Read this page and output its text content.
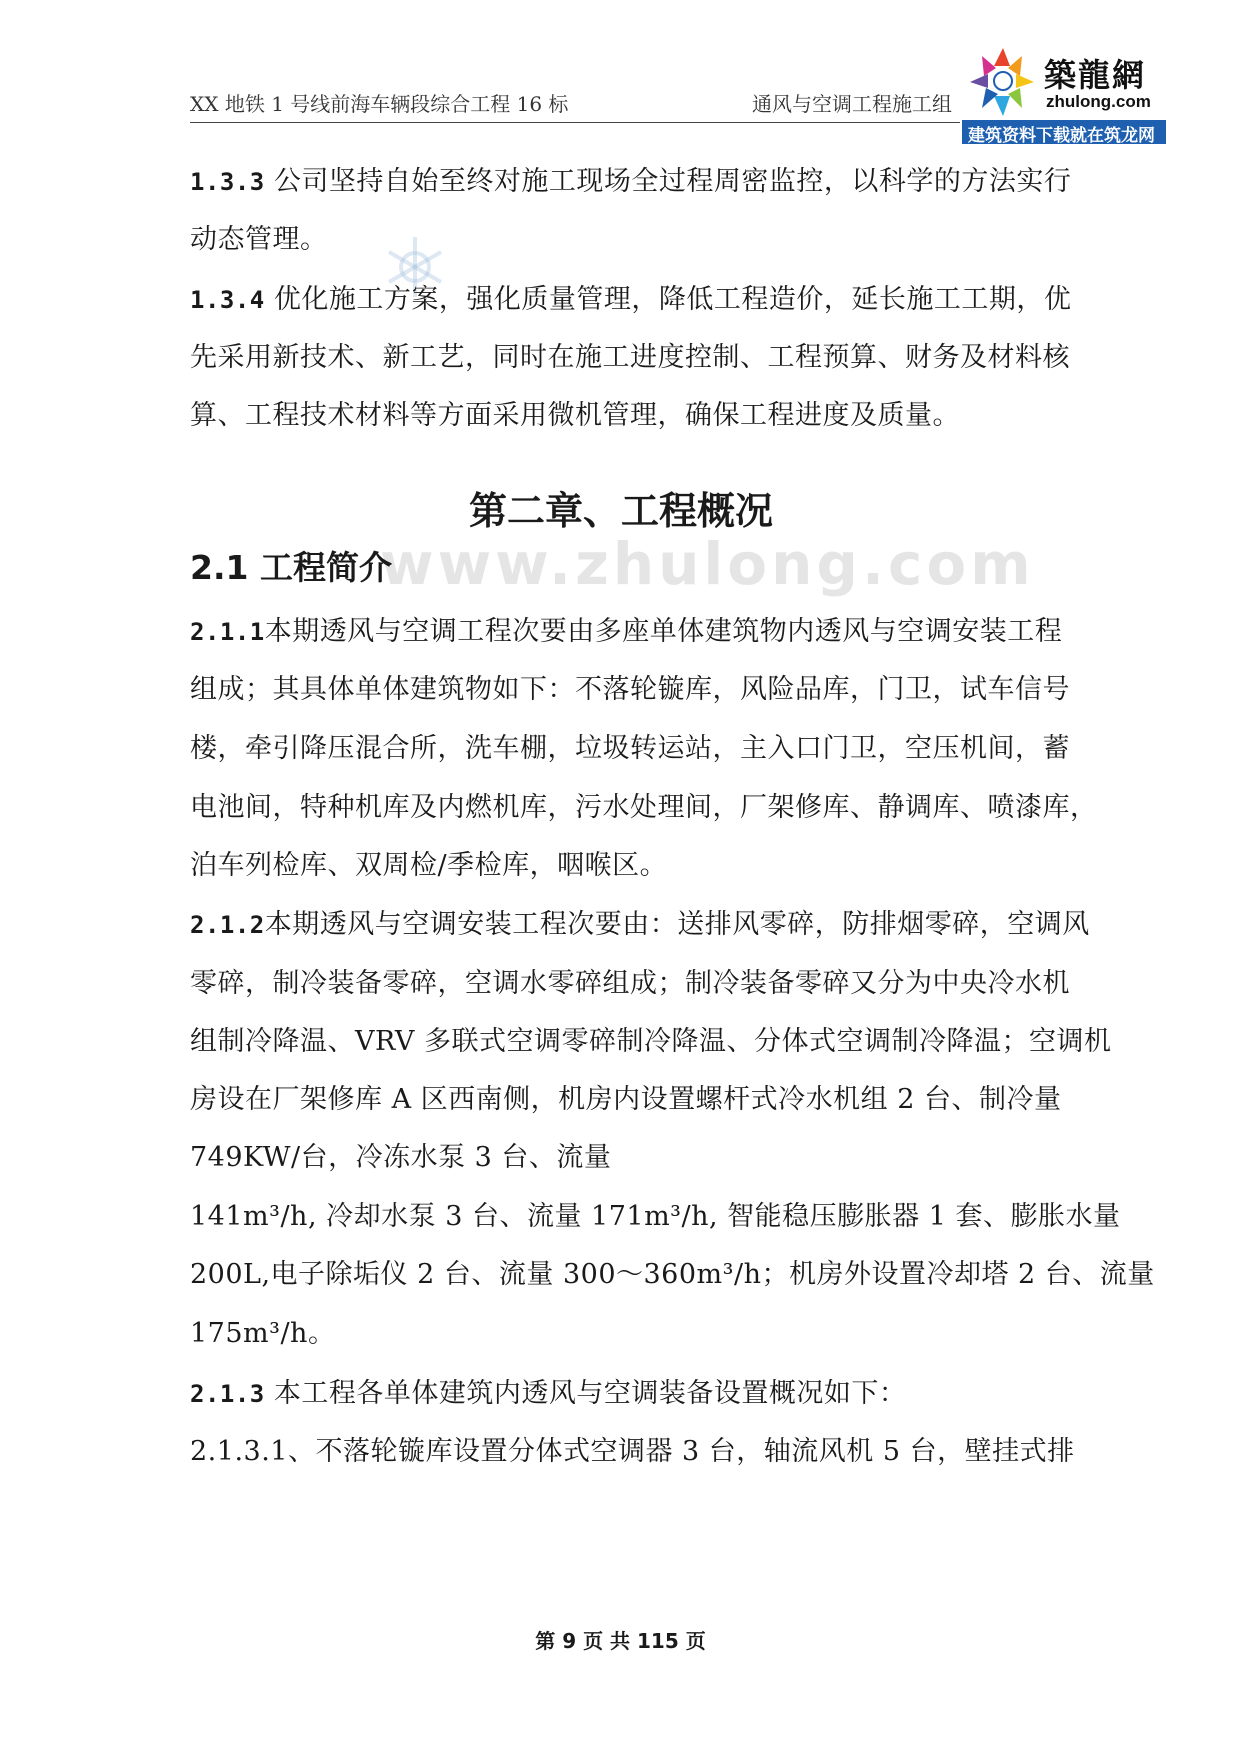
XX 地铁 1 号线前海车辆段综合工程 16 标	通风与空调工程施工组
築龍網
zhulong.com
建筑资料下载就在筑龙网
www.zhulong.com
1.3.3 公司坚持自始至终对施工现场全过程周密监控，以科学的方法实行
动态管理。
1.3.4 优化施工方案，强化质量管理，降低工程造价，延长施工工期，优
先采用新技术、新工艺，同时在施工进度控制、工程预算、财务及材料核
算、工程技术材料等方面采用微机管理，确保工程进度及质量。
第二章、工程概况
2.1 工程简介
2.1.1本期透风与空调工程次要由多座单体建筑物内透风与空调安装工程
组成；其具体单体建筑物如下：不落轮镟库，风险品库，门卫，试车信号
楼，牵引降压混合所，洗车棚，垃圾转运站，主入口门卫，空压机间，蓄
电池间，特种机库及内燃机库，污水处理间，厂架修库、静调库、喷漆库，
泊车列检库、双周检/季检库，咽喉区。
2.1.2本期透风与空调安装工程次要由：送排风零碎，防排烟零碎，空调风
零碎，制冷装备零碎，空调水零碎组成；制冷装备零碎又分为中央冷水机
组制冷降温、VRV 多联式空调零碎制冷降温、分体式空调制冷降温；空调机
房设在厂架修库 A 区西南侧，机房内设置螺杆式冷水机组 2 台、制冷量
749KW/台，冷冻水泵 3 台、流量
141m³/h, 冷却水泵 3 台、流量 171m³/h, 智能稳压膨胀器 1 套、膨胀水量
200L,电子除垢仪 2 台、流量 300～360m³/h；机房外设置冷却塔 2 台、流量
175m³/h。
2.1.3 本工程各单体建筑内透风与空调装备设置概况如下：
2.1.3.1、不落轮镟库设置分体式空调器 3 台，轴流风机 5 台，壁挂式排
第 9 页 共 115 页
